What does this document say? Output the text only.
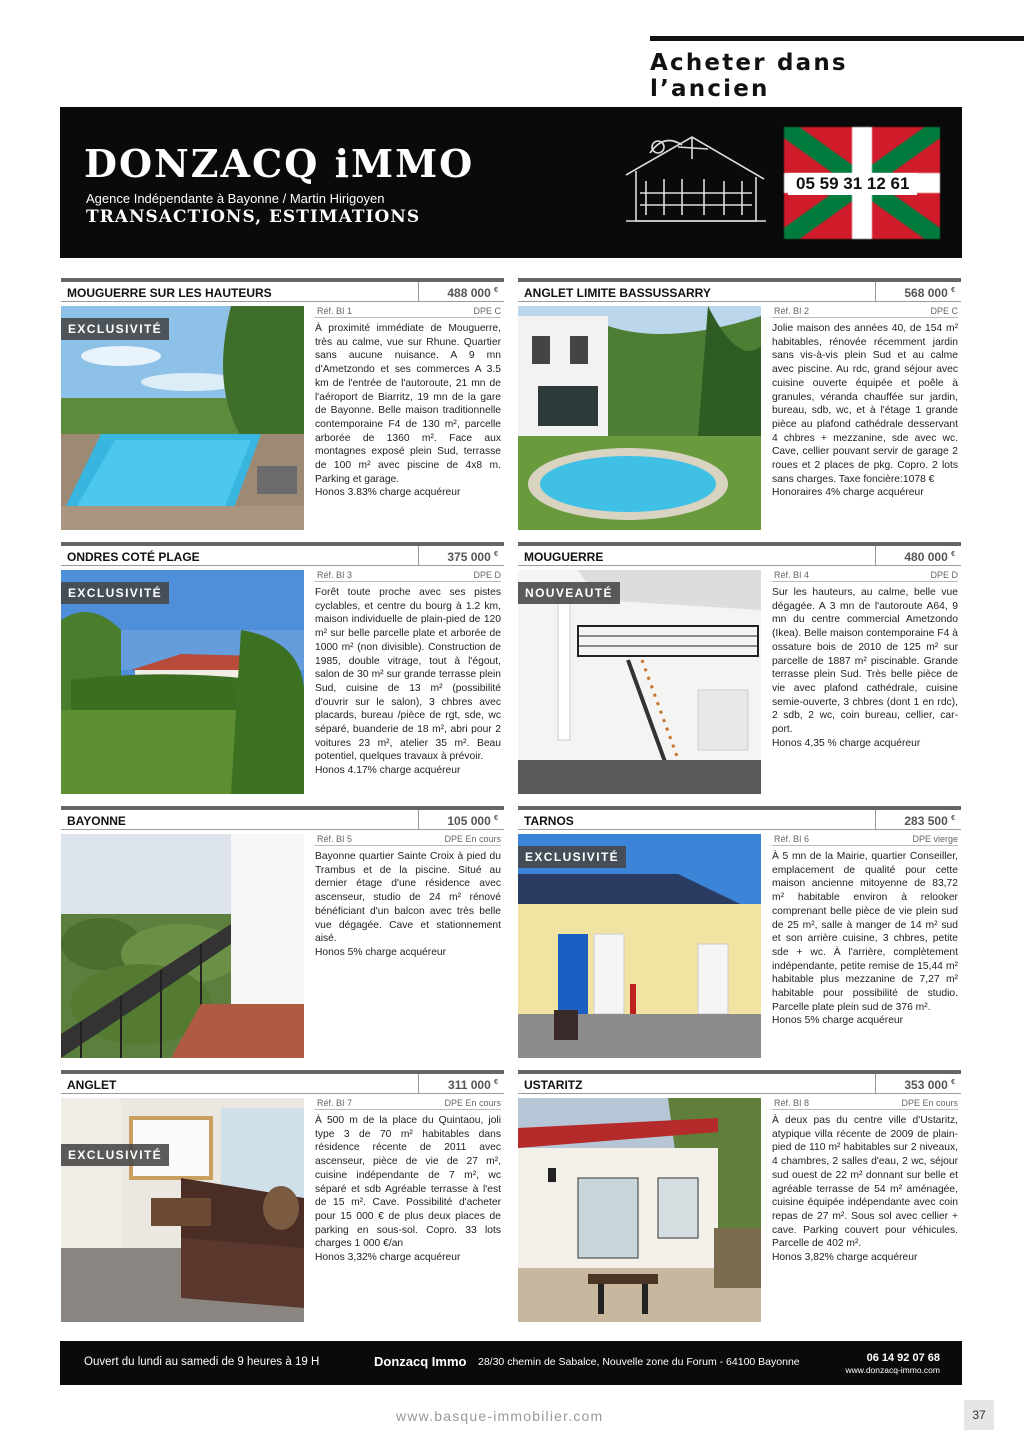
Acheter dans l’ancien
DONZACQ iMMO
Agence Indépendante à Bayonne / Martin Hirigoyen
TRANSACTIONS, ESTIMATIONS
05 59 31 12 61
MOUGUERRE SUR LES HAUTEURS	488 000 €
EXCLUSIVITÉ
Réf. BI 1	DPE C

À proximité immédiate de Mouguerre, très au calme, vue sur Rhune. Quartier sans aucune nuisance. A 9 mn d'Ametzondo et ses commerces A 3.5 km de l'entrée de l'autoroute, 21 mn de l'aéroport de Biarritz, 19 mn de la gare de Bayonne. Belle maison traditionnelle contemporaine F4 de 130 m², parcelle arborée de 1360 m². Face aux montagnes exposé plein Sud, terrasse de 100 m² avec piscine de 4x8 m. Parking et garage.

Honos 3.83% charge acquéreur

ANGLET LIMITE BASSUSSARRY	568 000 €
Réf. BI 2	DPE C

Jolie maison des années 40, de 154 m² habitables, rénovée récemment jardin sans vis-à-vis plein Sud et au calme avec piscine. Au rdc, grand séjour avec cuisine ouverte équipée et poêle à granules, véranda chauffée sur jardin, bureau, sdb, wc, et à l'étage 1 grande pièce au plafond cathédrale desservant 4 chbres + mezzanine, sde avec wc. Cave, cellier pouvant servir de garage 2 roues et 2 places de pkg. Copro. 2 lots sans charges. Taxe foncière:1078 €

Honoraires 4% charge acquéreur

ONDRES COTÉ PLAGE	375 000 €
EXCLUSIVITÉ
Réf. BI 3	DPE D

Forêt toute proche avec ses pistes cyclables, et centre du bourg à 1.2 km, maison individuelle de plain-pied de 120 m² sur belle parcelle plate et arborée de 1000 m² (non divisible). Construction de 1985, double vitrage, tout à l'égout, salon de 30 m² sur grande terrasse plein Sud, cuisine de 13 m² (possibilité d'ouvrir sur le salon), 3 chbres avec placards, bureau /pièce de rgt, sde, wc séparé, buanderie de 18 m², abri pour 2 voitures 23 m², atelier 35 m². Beau potentiel, quelques travaux à prévoir.

Honos 4.17% charge acquéreur

MOUGUERRE	480 000 €
NOUVEAUTÉ
Réf. BI 4	DPE D

Sur les hauteurs, au calme, belle vue dégagée. A 3 mn de l'autoroute A64, 9 mn du centre commercial Ametzondo (Ikea). Belle maison contemporaine F4 à ossature bois de 2010 de 125 m² sur parcelle de 1887 m² piscinable. Grande terrasse plein Sud. Très belle pièce de vie avec plafond cathédrale, cuisine semie-ouverte, 3 chbres (dont 1 en rdc), 2 sdb, 2 wc, coin bureau, cellier, car-port.

Honos 4,35 % charge acquéreur

BAYONNE	105 000 €
Réf. BI 5	DPE En cours

Bayonne quartier Sainte Croix à pied du Trambus et de la piscine. Situé au dernier étage d'une résidence avec ascenseur, studio de 24 m² rénové bénéficiant d'un balcon avec très belle vue dégagée. Cave et stationnement aisé.

Honos 5% charge acquéreur

TARNOS	283 500 €
EXCLUSIVITÉ
Réf. BI 6	DPE vierge

À 5 mn de la Mairie, quartier Conseiller, emplacement de qualité pour cette maison ancienne mitoyenne de 83,72 m² habitable environ à relooker comprenant belle pièce de vie plein sud de 25 m², salle à manger de 14 m² sud et son arrière cuisine, 3 chbres, petite sde + wc. À l'arrière, complètement indépendante, petite remise de 15,44 m² habitable plus mezzanine de 7,27 m² habitable pour possibilité de studio. Parcelle plate plein sud de 376 m².

Honos 5% charge acquéreur

ANGLET	311 000 €
EXCLUSIVITÉ
Réf. BI 7	DPE En cours

À 500 m de la place du Quintaou, joli type 3 de 70 m² habitables dans résidence récente de 2011 avec ascenseur, pièce de vie de 27 m², cuisine indépendante de 7 m², wc séparé et sdb Agréable terrasse à l'est de 15 m². Cave. Possibilité d'acheter pour 15 000 € de plus deux places de parking en sous-sol. Copro. 33 lots charges 1 000 €/an

Honos 3,32% charge acquéreur

USTARITZ	353 000 €
Réf. BI 8	DPE En cours

À deux pas du centre ville d'Ustaritz, atypique villa récente de 2009 de plain-pied de 110 m² habitables sur 2 niveaux, 4 chambres, 2 salles d'eau, 2 wc, séjour sud ouest de 22 m² donnant sur belle et agréable terrasse de 54 m² aménagée, cuisine équipée indépendante avec coin repas de 27 m². Sous sol avec cellier + cave. Parking couvert pour véhicules. Parcelle de 402 m².

Honos 3,82% charge acquéreur

Ouvert du lundi au samedi de 9 heures à 19 H	Donzacq Immo 28/30 chemin de Sabalce, Nouvelle zone du Forum - 64100 Bayonne	06 14 92 07 68
www.donzacq-immo.com
www.basque-immobilier.com	37
